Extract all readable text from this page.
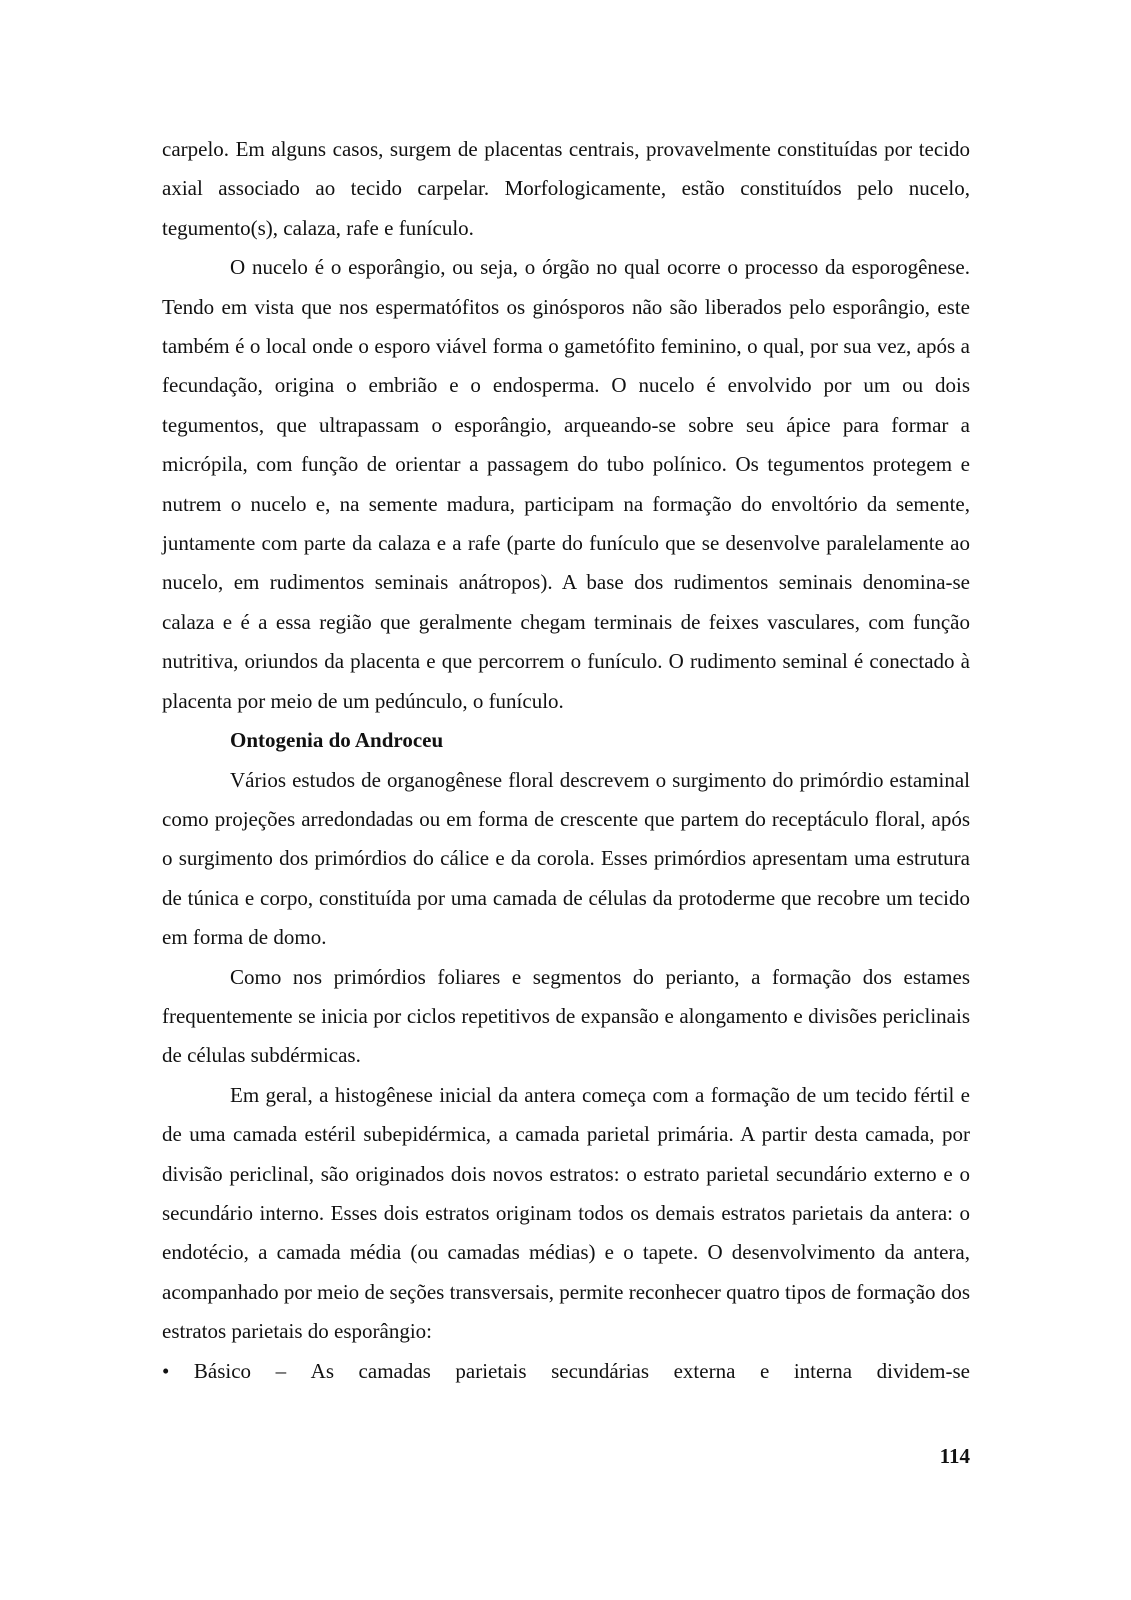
carpelo. Em alguns casos, surgem de placentas centrais, provavelmente constituídas por tecido axial associado ao tecido carpelar. Morfologicamente, estão constituídos pelo nucelo, tegumento(s), calaza, rafe e funículo.

O nucelo é o esporângio, ou seja, o órgão no qual ocorre o processo da esporogênese. Tendo em vista que nos espermatófitos os ginósporos não são liberados pelo esporângio, este também é o local onde o esporo viável forma o gametófito feminino, o qual, por sua vez, após a fecundação, origina o embrião e o endosperma. O nucelo é envolvido por um ou dois tegumentos, que ultrapassam o esporângio, arqueando-se sobre seu ápice para formar a micrópila, com função de orientar a passagem do tubo polínico. Os tegumentos protegem e nutrem o nucelo e, na semente madura, participam na formação do envoltório da semente, juntamente com parte da calaza e a rafe (parte do funículo que se desenvolve paralelamente ao nucelo, em rudimentos seminais anátropos). A base dos rudimentos seminais denomina-se calaza e é a essa região que geralmente chegam terminais de feixes vasculares, com função nutritiva, oriundos da placenta e que percorrem o funículo. O rudimento seminal é conectado à placenta por meio de um pedúnculo, o funículo.

Ontogenia do Androceu

Vários estudos de organogênese floral descrevem o surgimento do primórdio estaminal como projeções arredondadas ou em forma de crescente que partem do receptáculo floral, após o surgimento dos primórdios do cálice e da corola. Esses primórdios apresentam uma estrutura de túnica e corpo, constituída por uma camada de células da protoderme que recobre um tecido em forma de domo.

Como nos primórdios foliares e segmentos do perianto, a formação dos estames frequentemente se inicia por ciclos repetitivos de expansão e alongamento e divisões periclinais de células subdérmicas.

Em geral, a histogênese inicial da antera começa com a formação de um tecido fértil e de uma camada estéril subepidérmica, a camada parietal primária. A partir desta camada, por divisão periclinal, são originados dois novos estratos: o estrato parietal secundário externo e o secundário interno. Esses dois estratos originam todos os demais estratos parietais da antera: o endotécio, a camada média (ou camadas médias) e o tapete. O desenvolvimento da antera, acompanhado por meio de seções transversais, permite reconhecer quatro tipos de formação dos estratos parietais do esporângio:

• Básico – As camadas parietais secundárias externa e interna dividem-se

114
